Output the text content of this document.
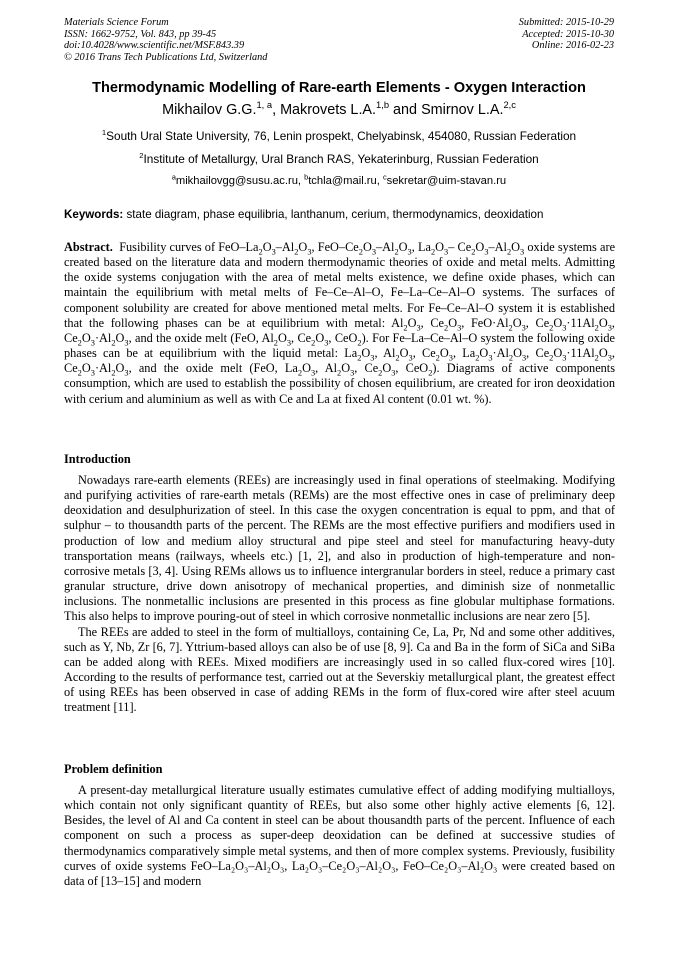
Materials Science Forum
ISSN: 1662-9752, Vol. 843, pp 39-45
doi:10.4028/www.scientific.net/MSF.843.39
© 2016 Trans Tech Publications Ltd, Switzerland
Submitted: 2015-10-29
Accepted: 2015-10-30
Online: 2016-02-23
Thermodynamic Modelling of Rare-earth Elements - Oxygen Interaction
Mikhailov G.G.$^{1, a}$, Makrovets L.A.$^{1,b}$ and Smirnov L.A.$^{2,c}$
$^1$South Ural State University, 76, Lenin prospekt, Chelyabinsk, 454080, Russian Federation
$^2$Institute of Metallurgy, Ural Branch RAS, Yekaterinburg, Russian Federation
$^a$mikhailovgg@susu.ac.ru, $^b$tchla@mail.ru, $^c$sekretar@uim-stavan.ru
Keywords: state diagram, phase equilibria, lanthanum, cerium, thermodynamics, deoxidation

Abstract.  Fusibility curves of FeO–$La_2O_3-Al_2O_3$, FeO–$Ce_2O_3-Al_2O_3$, $La_2O_3-$ $Ce_2O_3-Al_2O_3$ oxide systems are created based on the literature data and modern thermodynamic theories of oxide and metal melts. Admitting the oxide systems conjugation with the area of metal melts existence, we define oxide phases, which can maintain the equilibrium with metal melts of Fe–Ce–Al–O, Fe–La–Ce–Al–O systems. The surfaces of component solubility are created for above mentioned metal melts. For Fe–Ce–Al–O system it is established that the following phases can be at equilibrium with metal: $Al_2O_3$, $Ce_2O_3$, $FeO\cdot Al_2O_3$, $Ce_2O_3\cdot 11Al_2O_3$, $Ce_2O_3\cdot Al_2O_3$, and the oxide melt (FeO, $Al_2O_3$, $Ce_2O_3$, CeO$_2$). For Fe–La–Ce–Al–O system the following oxide phases can be at equilibrium with the liquid metal: $La_2O_3$, $Al_2O_3$, $Ce_2O_3$, $La_2O_3\cdot Al_2O_3$, $Ce_2O_3\cdot 11Al_2O_3$, $Ce_2O_3\cdot Al_2O_3$, and the oxide melt (FeO, $La_2O_3$, $Al_2O_3$, $Ce_2O_3$, CeO$_2$). Diagrams of active components consumption, which are used to establish the possibility of chosen equilibrium, are created for iron deoxidation with cerium and aluminium as well as with Ce and La at fixed Al content (0.01 wt. %).

Introduction

Nowadays rare-earth elements (REEs) are increasingly used in final operations of steelmaking. Modifying and purifying activities of rare-earth metals (REMs) are the most effective ones in case of preliminary deep deoxidation and desulphurization of steel. In this case the oxygen concentration is equal to ppm, and that of sulphur – to thousandth parts of the percent. The REMs are the most effective purifiers and modifiers used in production of low and medium alloy structural and pipe steel and steel for manufacturing heavy-duty transportation means (railways, wheels etc.) [1, 2], and also in production of high-temperature and non-corrosive metals [3, 4]. Using REMs allows us to influence intergranular borders in steel, reduce a primary cast granular structure, drive down anisotropy of mechanical properties, and diminish size of nonmetallic inclusions. The nonmetallic inclusions are presented in this process as fine globular multiphase formations. This also helps to improve pouring-out of steel in which corrosive nonmetallic inclusions are near zero [5].

The REEs are added to steel in the form of multialloys, containing Ce, La, Pr, Nd and some other additives, such as Y, Nb, Zr [6, 7]. Yttrium-based alloys can also be of use [8, 9]. Ca and Ba in the form of SiCa and SiBa can be added along with REEs. Mixed modifiers are increasingly used in so called flux-cored wires [10]. According to the results of performance test, carried out at the Severskiy metallurgical plant, the greatest effect of using REEs has been observed in case of adding REMs in the form of flux-cored wire after steel acuum treatment [11].

Problem definition

A present-day metallurgical literature usually estimates cumulative effect of adding modifying multialloys, which contain not only significant quantity of REEs, but also some other highly active elements [6, 12]. Besides, the level of Al and Ca content in steel can be about thousandth parts of the percent. Influence of each component on such a process as super-deep deoxidation can be defined at successive studies of thermodynamics comparatively simple metal systems, and then of more complex systems. Previously, fusibility curves of oxide systems FeO–La₂O₃–Al₂O₃, La₂O₃–Ce₂O₃–Al₂O₃, FeO–Ce₂O₃–Al₂O₃ were created based on data of [13–15] and modern
